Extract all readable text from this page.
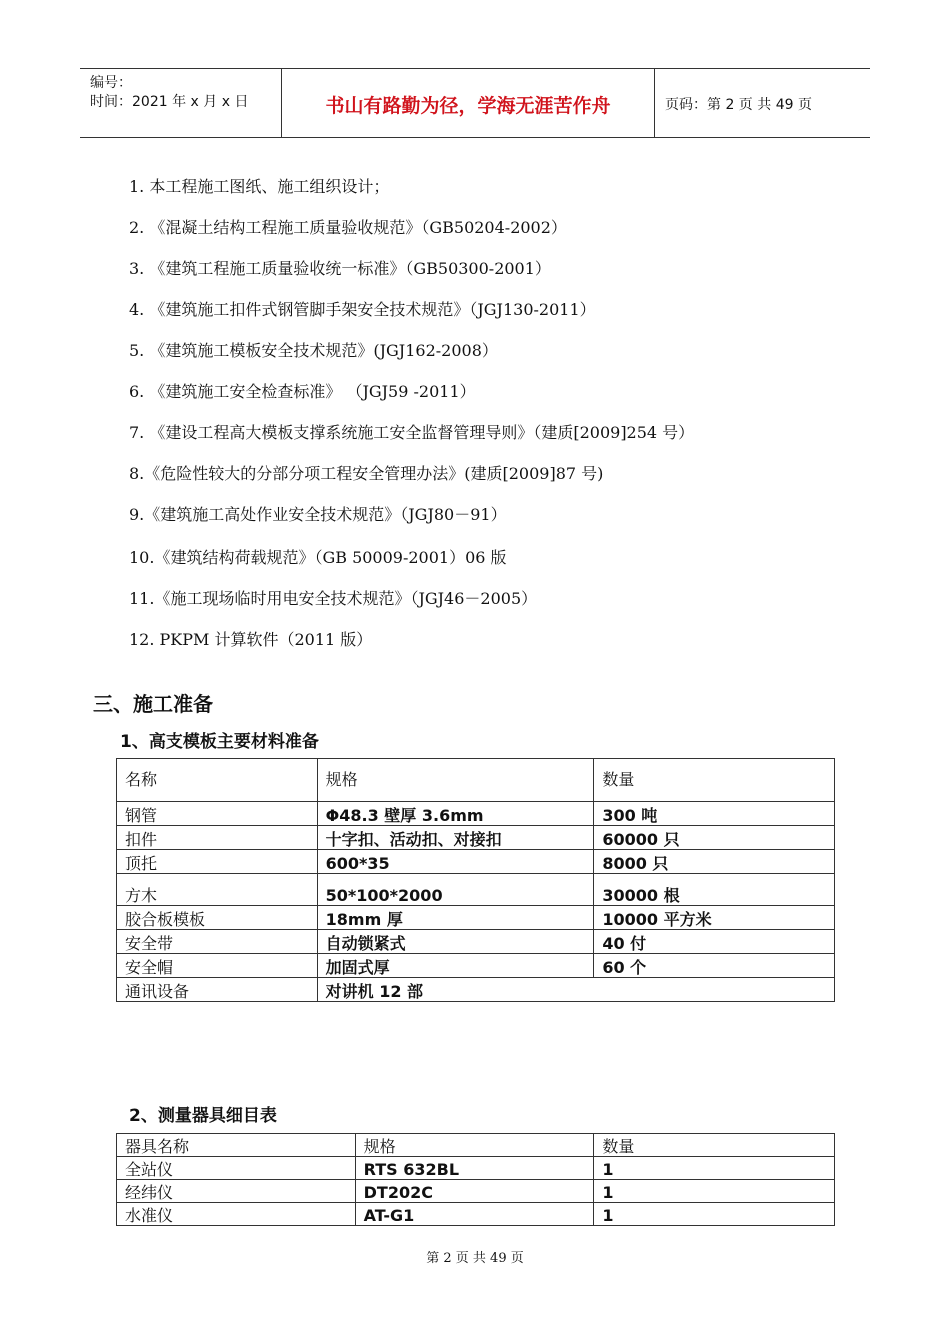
编号：
时间：2021 年 x 月 x 日	书山有路勤为径，学海无涯苦作舟	页码：第 2 页 共 49 页
1. 本工程施工图纸、施工组织设计；
2. 《混凝土结构工程施工质量验收规范》（GB50204-2002）
3. 《建筑工程施工质量验收统一标准》（GB50300-2001）
4. 《建筑施工扣件式钢管脚手架安全技术规范》（JGJ130-2011）
5. 《建筑施工模板安全技术规范》(JGJ162-2008）
6. 《建筑施工安全检查标准》 （JGJ59 -2011）
7. 《建设工程高大模板支撑系统施工安全监督管理导则》（建质[2009]254 号）
8.《危险性较大的分部分项工程安全管理办法》(建质[2009]87 号)
9.《建筑施工高处作业安全技术规范》（JGJ80－91）
10.《建筑结构荷载规范》（GB 50009-2001）06 版
11.《施工现场临时用电安全技术规范》（JGJ46－2005）
12. PKPM 计算软件（2011 版）
三、施工准备
1、高支模板主要材料准备
名称	规格	数量
钢管	Φ48.3 壁厚 3.6mm	300 吨
扣件	十字扣、活动扣、对接扣	60000 只
顶托	600*35	8000 只
方木	50*100*2000	30000 根
胶合板模板	18mm 厚	10000 平方米
安全带	自动锁紧式	40 付
安全帽	加固式厚	60 个
通讯设备	对讲机 12 部	
2、测量器具细目表
器具名称	规格	数量
全站仪	RTS 632BL	1
经纬仪	DT202C	1
水准仪	AT-G1	1
第 2 页 共 49 页
